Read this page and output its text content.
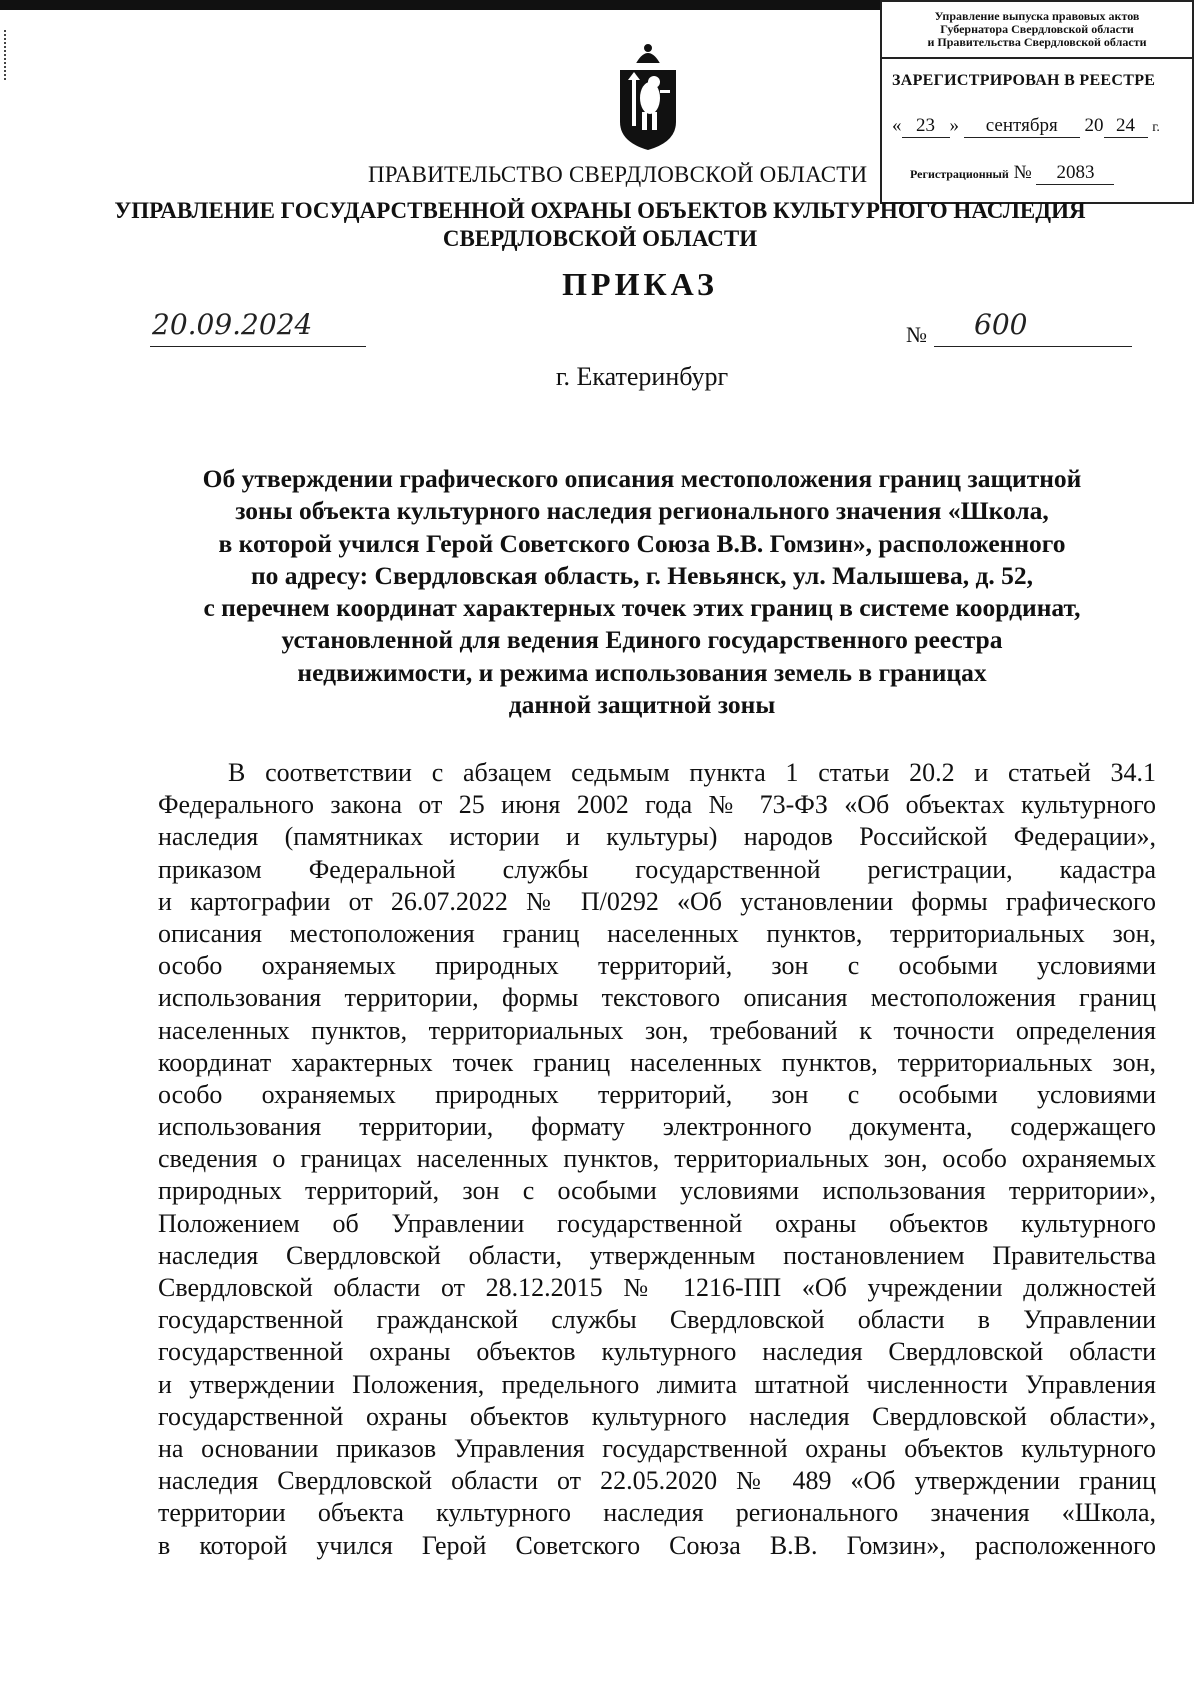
Управление выпуска правовых актов
Губернатора Свердловской области
и Правительства Свердловской области
ЗАРЕГИСТРИРОВАН В РЕЕСТРЕ
« 23 » сентября 20 24 г.
Регистрационный № 2083
ПРАВИТЕЛЬСТВО СВЕРДЛОВСКОЙ ОБЛАСТИ
УПРАВЛЕНИЕ ГОСУДАРСТВЕННОЙ ОХРАНЫ ОБЪЕКТОВ КУЛЬТУРНОГО НАСЛЕДИЯ
СВЕРДЛОВСКОЙ ОБЛАСТИ
ПРИКАЗ
20.09.2024	№ 600
г. Екатеринбург
Об утверждении графического описания местоположения границ защитной
зоны объекта культурного наследия регионального значения «Школа,
в которой учился Герой Советского Союза В.В. Гомзин», расположенного
по адресу: Свердловская область, г. Невьянск, ул. Малышева, д. 52,
с перечнем координат характерных точек этих границ в системе координат,
установленной для ведения Единого государственного реестра
недвижимости, и режима использования земель в границах
данной защитной зоны
В соответствии с абзацем седьмым пункта 1 статьи 20.2 и статьей 34.1
Федерального закона от 25 июня 2002 года № 73-ФЗ «Об объектах культурного
наследия (памятниках истории и культуры) народов Российской Федерации»,
приказом Федеральной службы государственной регистрации, кадастра
и картографии от 26.07.2022 № П/0292 «Об установлении формы графического
описания местоположения границ населенных пунктов, территориальных зон,
особо охраняемых природных территорий, зон с особыми условиями
использования территории, формы текстового описания местоположения границ
населенных пунктов, территориальных зон, требований к точности определения
координат характерных точек границ населенных пунктов, территориальных зон,
особо охраняемых природных территорий, зон с особыми условиями
использования территории, формату электронного документа, содержащего
сведения о границах населенных пунктов, территориальных зон, особо охраняемых
природных территорий, зон с особыми условиями использования территории»,
Положением об Управлении государственной охраны объектов культурного
наследия Свердловской области, утвержденным постановлением Правительства
Свердловской области от 28.12.2015 № 1216-ПП «Об учреждении должностей
государственной гражданской службы Свердловской области в Управлении
государственной охраны объектов культурного наследия Свердловской области
и утверждении Положения, предельного лимита штатной численности Управления
государственной охраны объектов культурного наследия Свердловской области»,
на основании приказов Управления государственной охраны объектов культурного
наследия Свердловской области от 22.05.2020 № 489 «Об утверждении границ
территории объекта культурного наследия регионального значения «Школа,
в которой учился Герой Советского Союза В.В. Гомзин», расположенного
